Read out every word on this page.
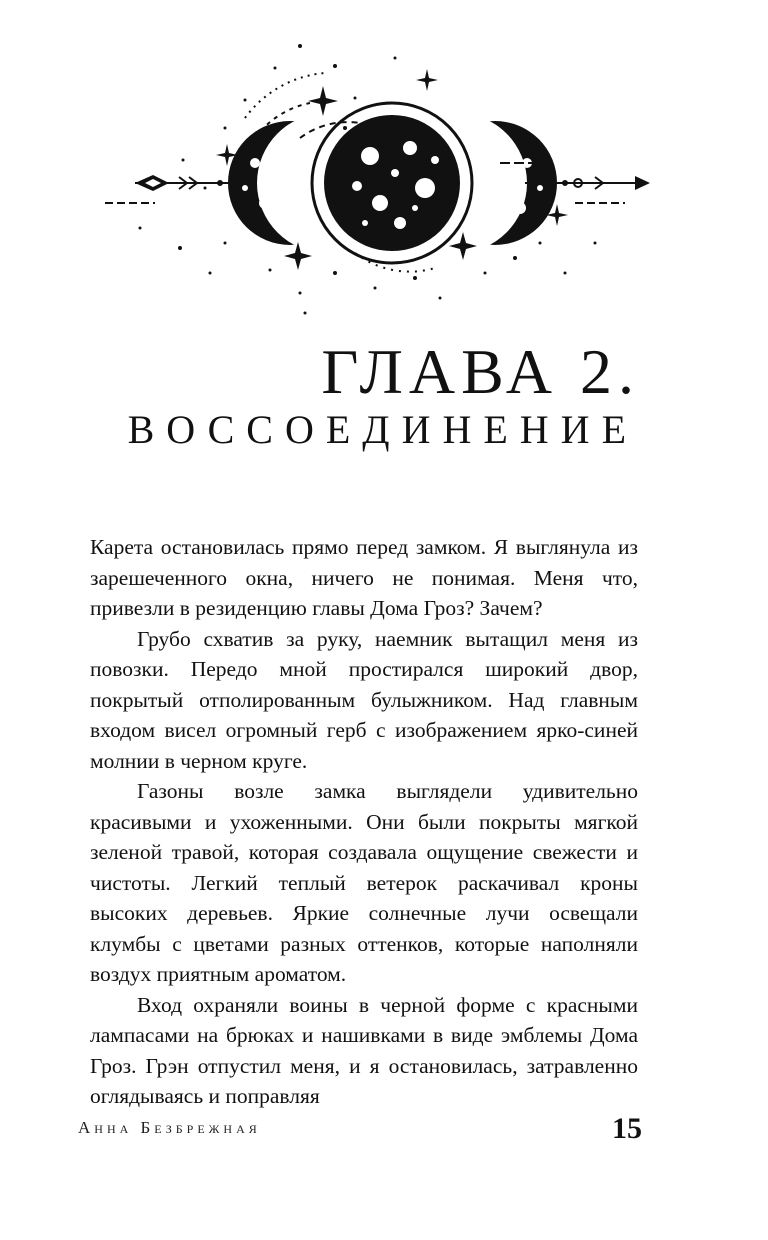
ГЛАВА 2.
ВОССОЕДИНЕНИЕ

Карета остановилась прямо перед замком. Я выглянула из зарешеченного окна, ничего не понимая. Меня что, привезли в резиденцию главы Дома Гроз? Зачем?

Грубо схватив за руку, наемник вытащил меня из повозки. Передо мной простирался широкий двор, покрытый отполированным булыжником. Над главным входом висел огромный герб с изображением ярко-синей молнии в черном круге.

Газоны возле замка выглядели удивительно красивыми и ухоженными. Они были покрыты мягкой зеленой травой, которая создавала ощущение свежести и чистоты. Легкий теплый ветерок раскачивал кроны высоких деревьев. Яркие солнечные лучи освещали клумбы с цветами разных оттенков, которые наполняли воздух приятным ароматом.

Вход охраняли воины в черной форме с красными лампасами на брюках и нашивками в виде эмблемы Дома Гроз. Грэн отпустил меня, и я остановилась, затравленно оглядываясь и поправляя

Анна Безбрежная	15
